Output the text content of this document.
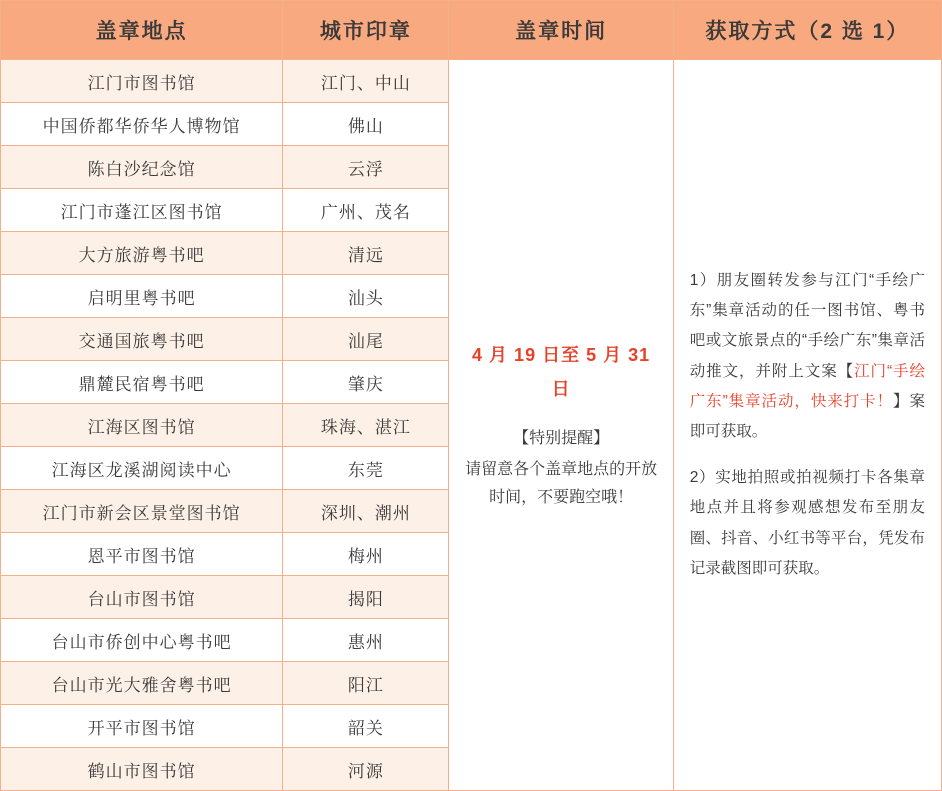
盖章地点	城市印章	盖章时间	获取方式（2 选 1）
江门市图书馆	江门、中山	
4 月 19 日至 5 月 31 日
【特别提醒】
请留意各个盖章地点的开放时间，不要跑空哦！

1）朋友圈转发参与江门“手绘广东”集章活动的任一图书馆、粤书吧或文旅景点的“手绘广东”集章活动推文，并附上文案【江门“手绘广东”集章活动，快来打卡！】案即可获取。
2）实地拍照或拍视频打卡各集章地点并且将参观感想发布至朋友圈、抖音、小红书等平台，凭发布记录截图即可获取。

中国侨都华侨华人博物馆	佛山		
陈白沙纪念馆	云浮		
江门市蓬江区图书馆	广州、茂名		
大方旅游粤书吧	清远		
启明里粤书吧	汕头		
交通国旅粤书吧	汕尾		
鼎麓民宿粤书吧	肇庆		
江海区图书馆	珠海、湛江		
江海区龙溪湖阅读中心	东莞		
江门市新会区景堂图书馆	深圳、潮州		
恩平市图书馆	梅州		
台山市图书馆	揭阳		
台山市侨创中心粤书吧	惠州		
台山市光大雅舍粤书吧	阳江		
开平市图书馆	韶关		
鹤山市图书馆	河源		
